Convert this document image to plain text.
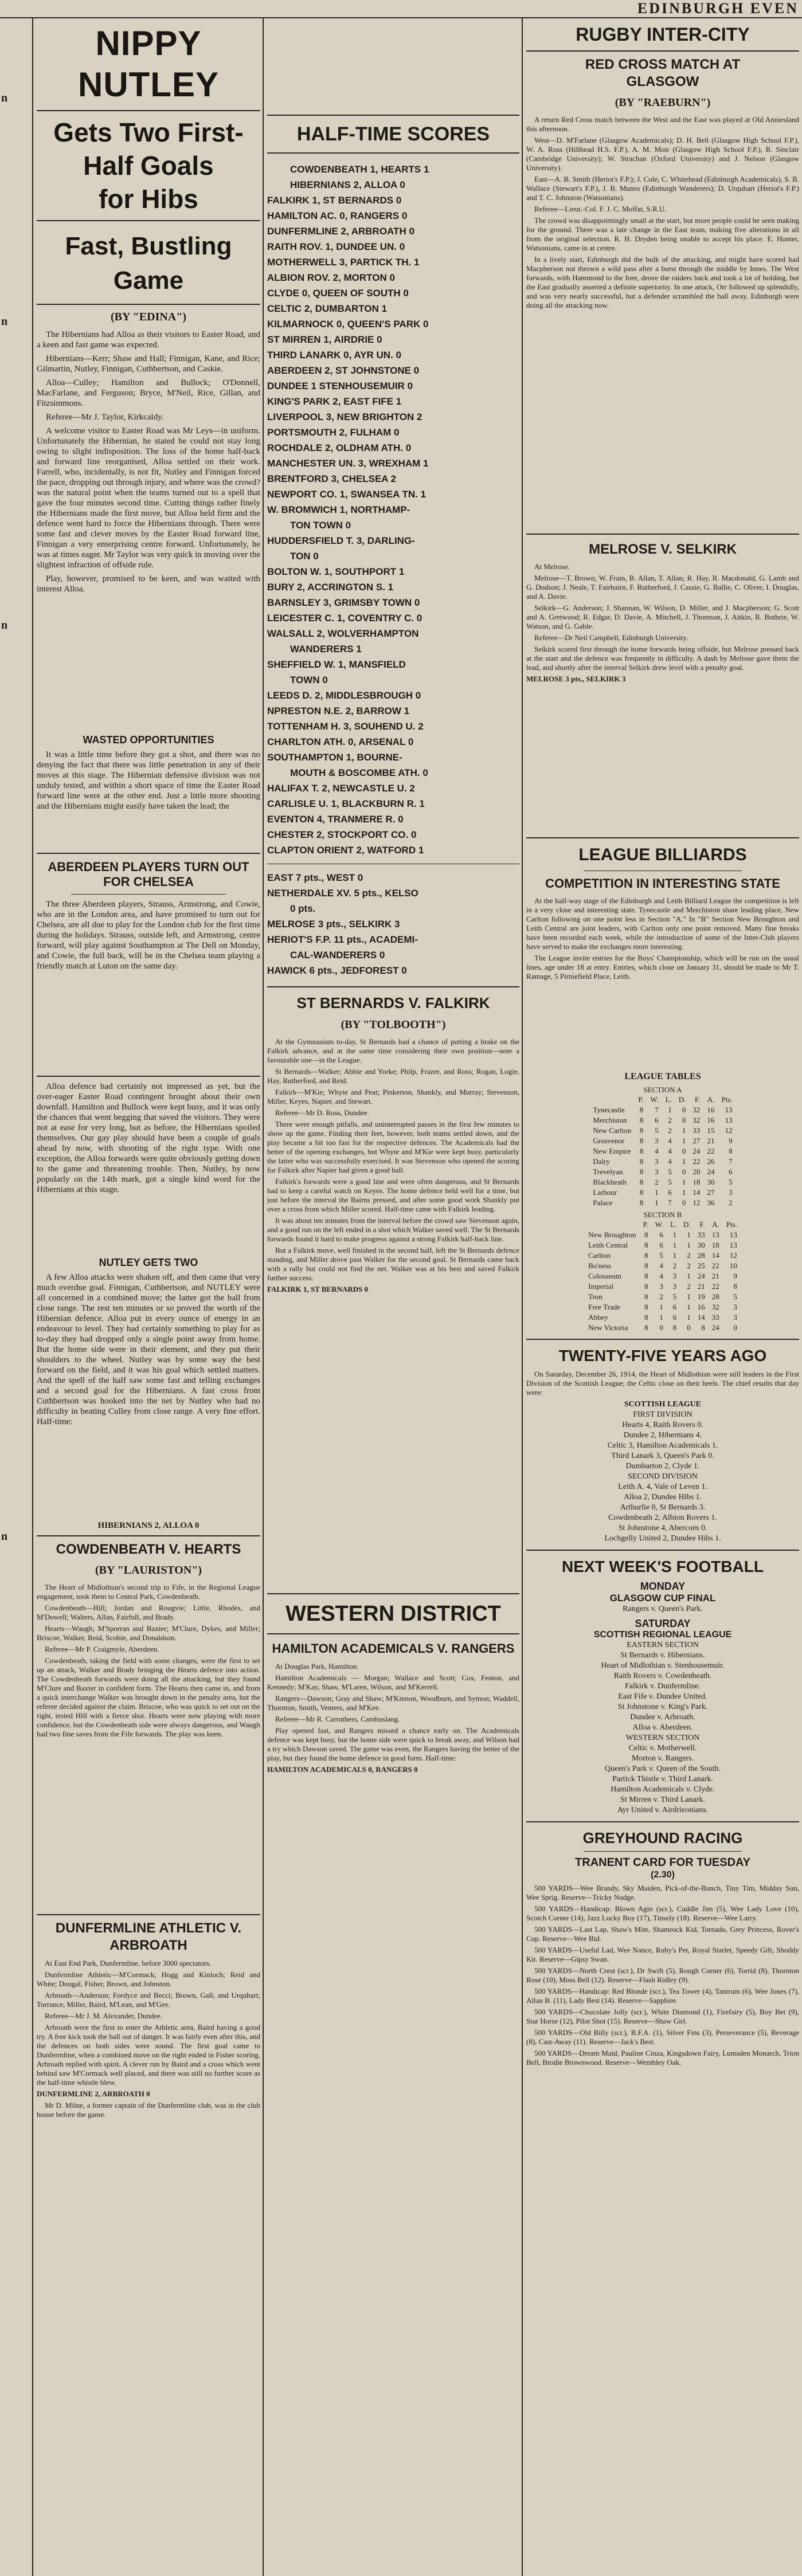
EDINBURGH EVEN
n
n
n
n
NIPPY NUTLEY
Gets Two First-Half Goals
for Hibs
Fast, Bustling Game
(BY "EDINA")

The Hibernians had Alloa as their visitors to Easter Road, and a keen and fast game was expected.

Hibernians—Kerr; Shaw and Hall; Finnigan, Kane, and Rice; Gilmartin, Nutley, Finnigan, Cuthbertson, and Caskie.

Alloa—Culley; Hamilton and Bullock; O'Donnell, MacFarlane, and Ferguson; Bryce, M'Neil, Rice, Gillan, and Fitzsimmons.

Referee—Mr J. Taylor, Kirkcaldy.

A welcome visitor to Easter Road was Mr Leys—in uniform. Unfortunately the Hibernian, he stated he could not stay long owing to slight indisposition. The loss of the home half-back and forward line reorganised, Alloa settled on their work. Farrell, who, incidentally, is not fit, Nutley and Finnigan forced the pace, dropping out through injury, and where was the crowd? was the natural point when the teams turned out to a spell that gave the four minutes second time. Cutting things rather finely the Hibernians made the first move, but Alloa held firm and the defence went hard to force the Hibernians through. There were some fast and clever moves by the Easter Road forward line, Finnigan a very enterprising centre forward. Unfortunately, he was at times eager. Mr Taylor was very quick in moving over the slightest infraction of offside rule.

Play, however, promised to be keen, and was waited with interest Alloa.

WASTED OPPORTUNITIES

It was a little time before they got a shot, and there was no denying the fact that there was little penetration in any of their moves at this stage. The Hibernian defensive division was not unduly tested, and within a short space of time the Easter Road forward line were at the other end. Just a little more shooting and the Hibernians might easily have taken the lead; the

ABERDEEN PLAYERS TURN OUT FOR CHELSEA

The three Aberdeen players, Strauss, Armstrong, and Cowie, who are in the London area, and have promised to turn out for Chelsea, are all due to play for the London club for the first time during the holidays. Strauss, outside left, and Armstrong, centre forward, will play against Southampton at The Dell on Monday, and Cowie, the full back, will be in the Chelsea team playing a friendly match at Luton on the same day.

Alloa defence had certainly not impressed as yet, but the over-eager Easter Road contingent brought about their own downfall. Hamilton and Bullock were kept busy, and it was only the chances that went begging that saved the visitors. They were not at ease for very long, but as before, the Hibernians spoiled themselves. Our gay play should have been a couple of goals ahead by now, with shooting of the right type. With one exception, the Alloa forwards were quite obviously getting down to the game and threatening trouble. Then, Nutley, by now popularly on the 14th mark, got a single kind word for the Hibernians at this stage.

NUTLEY GETS TWO

A few Alloa attacks were shaken off, and then came that very much overdue goal. Finnigan, Cuthbertson, and NUTLEY were all concerned in a combined move; the latter got the ball from close range. The rest ten minutes or so proved the worth of the Hibernian defence. Alloa put in every ounce of energy in an endeavour to level. They had certainly something to play for as to-day they had dropped only a single point away from home. But the home side were in their element, and they put their shoulders to the wheel. Nutley was by some way the best forward on the field, and it was his goal which settled matters. And the spell of the half saw some fast and telling exchanges and a second goal for the Hibernians. A fast cross from Cuthbertson was hooked into the net by Nutley who had no difficulty in beating Culley from close range. A very fine effort. Half-time:

HIBERNIANS 2, ALLOA 0
COWDENBEATH V. HEARTS
(BY "LAURISTON")

The Heart of Midlothian's second trip to Fife, in the Regional League engagement, took them to Central Park, Cowdenbeath.

Cowdenbeath—Hill; Jordan and Rougvie; Little, Rhodes, and M'Dowell; Walters, Allan, Fairfull, and Brady.

Hearts—Waugh; M'Sporran and Baxter; M'Clure, Dykes, and Miller; Briscoe, Walker, Reid, Scobie, and Donaldson.

Referee—Mr P. Craigmyle, Aberdeen.

Cowdenbeath, taking the field with some changes, were the first to set up an attack, Walker and Brady bringing the Hearts defence into action. The Cowdenbeath forwards were doing all the attacking, but they found M'Clure and Baxter in confident form. The Hearts then came in, and from a quick interchange Walker was brought down in the penalty area, but the referee decided against the claim. Briscoe, who was quick to set out on the right, tested Hill with a fierce shot. Hearts were now playing with more confidence, but the Cowdenbeath side were always dangerous, and Waugh had two fine saves from the Fife forwards. The play was keen.

DUNFERMLINE ATHLETIC V. ARBROATH

At East End Park, Dunfermline, before 3000 spectators.

Dunfermline Athletic—M'Cormack; Hogg and Kinloch; Reid and White; Dougal, Fisher, Brown, and Johnston.

Arbroath—Anderson; Fordyce and Becci; Brown, Gall, and Urquhart; Torrance, Miller, Baird, M'Lean, and M'Gee.

Referee—Mr J. M. Alexander, Dundee.

Arbroath were the first to enter the Athletic area, Baird having a good try. A free kick took the ball out of danger. It was fairly even after this, and the defences on both sides were sound. The first goal came to Dunfermline, when a combined move on the right ended in Fisher scoring. Arbroath replied with spirit. A clever run by Baird and a cross which went behind saw M'Cormack well placed, and there was still no further score as the half-time whistle blew.

DUNFERMLINE 2, ARBROATH 0

Mr D. Milne, a former captain of the Dunfermline club, was in the club house before the game.

HALF-TIME SCORES
COWDENBEATH 1, HEARTS 1
HIBERNIANS 2, ALLOA 0
FALKIRK 1, ST BERNARDS 0
HAMILTON AC. 0, RANGERS 0
DUNFERMLINE 2, ARBROATH 0
RAITH ROV. 1, DUNDEE UN. 0
MOTHERWELL 3, PARTICK TH. 1
ALBION ROV. 2, MORTON 0
CLYDE 0, QUEEN OF SOUTH 0
CELTIC 2, DUMBARTON 1
KILMARNOCK 0, QUEEN'S PARK 0
ST MIRREN 1, AIRDRIE 0
THIRD LANARK 0, AYR UN. 0
ABERDEEN 2, ST JOHNSTONE 0
DUNDEE 1 STENHOUSEMUIR 0
KING'S PARK 2, EAST FIFE 1
LIVERPOOL 3, NEW BRIGHTON 2
PORTSMOUTH 2, FULHAM 0
ROCHDALE 2, OLDHAM ATH. 0
MANCHESTER UN. 3, WREXHAM 1
BRENTFORD 3, CHELSEA 2
NEWPORT CO. 1, SWANSEA TN. 1
W. BROMWICH 1, NORTHAMP-
TON TOWN 0
HUDDERSFIELD T. 3, DARLING-
TON 0
BOLTON W. 1, SOUTHPORT 1
BURY 2, ACCRINGTON S. 1
BARNSLEY 3, GRIMSBY TOWN 0
LEICESTER C. 1, COVENTRY C. 0
WALSALL 2, WOLVERHAMPTON
WANDERERS 1
SHEFFIELD W. 1, MANSFIELD
TOWN 0
LEEDS D. 2, MIDDLESBROUGH 0
NPRESTON N.E. 2, BARROW 1
TOTTENHAM H. 3, SOUHEND U. 2
CHARLTON ATH. 0, ARSENAL 0
SOUTHAMPTON 1, BOURNE-
MOUTH & BOSCOMBE ATH. 0
HALIFAX T. 2, NEWCASTLE U. 2
CARLISLE U. 1, BLACKBURN R. 1
EVENTON 4, TRANMERE R. 0
CHESTER 2, STOCKPORT CO. 0
CLAPTON ORIENT 2, WATFORD 1
EAST 7 pts., WEST 0
NETHERDALE XV. 5 pts., KELSO
0 pts.
MELROSE 3 pts., SELKIRK 3
HERIOT'S F.P. 11 pts., ACADEMI-
CAL-WANDERERS 0
HAWICK 6 pts., JEDFOREST 0
ST BERNARDS V. FALKIRK
(BY "TOLBOOTH")

At the Gymnasium to-day, St Bernards had a chance of putting a brake on the Falkirk advance, and at the same time considering their own position—note a favourable one—in the League.

St Bernards—Walker; Abbie and Yorke; Philp, Frazer, and Ross; Rogan, Logie, Hay, Rutherford, and Reid.

Falkirk—M'Kie; Whyte and Peat; Pinkerton, Shankly, and Murray; Stevenson, Miller, Keyes, Napier, and Stewart.

Referee—Mr D. Ross, Dundee.

There were enough pitfalls, and uninterrupted passes in the first few minutes to show up the game. Finding their feet, however, both teams settled down, and the play became a bit too fast for the respective defences. The Academicals had the better of the opening exchanges, but Whyte and M'Kie were kept busy, particularly the latter who was successfully exercised. It was Stevenson who opened the scoring for Falkirk after Napier had given a good ball.

Falkirk's forwards were a good line and were often dangerous, and St Bernards had to keep a careful watch on Keyes. The home defence held well for a time, but just before the interval the Bairns pressed, and after some good work Shankly put over a cross from which Miller scored. Half-time came with Falkirk leading.

It was about ten minutes from the interval before the crowd saw Stevenson again, and a good run on the left ended in a shot which Walker saved well. The St Bernards forwards found it hard to make progress against a strong Falkirk half-back line.

But a Falkirk move, well finished in the second half, left the St Bernards defence standing, and Miller drove past Walker for the second goal. St Bernards came back with a rally but could not find the net. Walker was at his best and saved Falkirk further success.

FALKIRK 1, ST BERNARDS 0

WESTERN DISTRICT
HAMILTON ACADEMICALS V. RANGERS

At Douglas Park, Hamilton.

Hamilton Academicals — Morgan; Wallace and Scott; Cox, Fenton, and Kennedy; M'Kay, Shaw, M'Laren, Wilson, and M'Kerrell.

Rangers—Dawson; Gray and Shaw; M'Kinnon, Woodburn, and Symon; Waddell, Thornton, Smith, Venters, and M'Kee.

Referee—Mr R. Carruthers, Cambuslang.

Play opened fast, and Rangers missed a chance early on. The Academicals defence was kept busy, but the home side were quick to break away, and Wilson had a try which Dawson saved. The game was even, the Rangers having the better of the play, but they found the home defence in good form. Half-time:

HAMILTON ACADEMICALS 0, RANGERS 0

RUGBY INTER-CITY
RED CROSS MATCH AT
GLASGOW
(BY "RAEBURN")

A return Red Cross match between the West and the East was played at Old Anniesland this afternoon.

West—D. M'Farlane (Glasgow Academicals); D. H. Bell (Glasgow High School F.P.), W. A. Ross (Hillhead H.S. F.P.), A. M. Moir (Glasgow High School F.P.), R. Sinclair (Cambridge University); W. Strachan (Oxford University) and J. Nelson (Glasgow University).

East—A. B. Smith (Heriot's F.P.); J. Cole, C. Whitehead (Edinburgh Academicals), S. B. Wallace (Stewart's F.P.), J. B. Munro (Edinburgh Wanderers); D. Urquhart (Heriot's F.P.) and T. C. Johnston (Watsonians).

Referee—Lieut.-Col. F. J. C. Moffat, S.R.U.

The crowd was disappointingly small at the start, but more people could be seen making for the ground. There was a late change in the East team, making five alterations in all from the original selection. R. H. Dryden being unable to accept his place. E. Hunter, Watsonians, came in at centre.

In a lively start, Edinburgh did the bulk of the attacking, and might have scored had Macpherson not thrown a wild pass after a burst through the middle by Innes. The West forwards, with Hammond to the fore, drove the raiders back and took a lot of holding, but the East gradually asserted a definite superiority. In one attack, Orr followed up splendidly, and was very nearly successful, but a defender scrambled the ball away. Edinburgh were doing all the attacking now.

MELROSE V. SELKIRK

At Melrose.

Melrose—T. Brown; W. Frain, B. Allan, T. Allan; R. Hay, R. Macdonald, G. Lamb and G. Dodson; J. Neale, T. Fairbairn, F. Rutherford, J. Cassie, G. Ballie, C. Oliver, I. Douglas, and A. Davie.

Selkirk—G. Anderson; J. Shannan, W. Wilson, D. Miller, and J. Macpherson; G. Scott and A. Gretwood; R. Edgar, D. Davie, A. Mitchell, J. Thomson, J. Aitkin, R. Buthrie, W. Watson, and G. Gable.

Referee—Dr Neil Campbell, Edinburgh University.

Selkirk scored first through the home forwards being offside, but Melrose pressed back at the start and the defence was frequently in difficulty. A dash by Melrose gave them the lead, and shortly after the interval Selkirk drew level with a penalty goal.

MELROSE 3 pts., SELKIRK 3

LEAGUE BILLIARDS
COMPETITION IN INTERESTING STATE

At the half-way stage of the Edinburgh and Leith Billiard League the competition is left in a very close and interesting state. Tynecastle and Merchiston share leading place, New Carlton following on one point less in Section "A." In "B" Section New Broughton and Leith Central are joint leaders, with Carlton only one point removed. Many fine breaks have been recorded each week, while the introduction of some of the Inter-Club players have served to make the exchanges more interesting.

The League invite entries for the Boys' Championship, which will be run on the usual lines, age under 18 at entry. Entries, which close on January 31, should be made to Mr T. Ramage, 5 Pirniefield Place, Leith.

LEAGUE TABLES
SECTION A
	P.	W.	L.	D.	F.	A.	Pts.
Tynecastle	8	7	1	0	32	16	13
Merchiston	8	6	2	0	32	16	13
New Carlton	8	5	2	1	33	15	12
Grosvenor	8	3	4	1	27	21	9
New Empire	8	4	4	0	24	22	8
Dalry	8	3	4	1	22	26	7
Trevelyan	8	3	5	0	20	24	6
Blackheath	8	2	5	1	18	30	5
Larbour	8	1	6	1	14	27	3
Palace	8	1	7	0	12	36	2
SECTION B
	P.	W.	L.	D.	F.	A.	Pts.
New Broughton	8	6	1	1	33	13	13
Leith Central	8	6	1	1	30	18	13
Carlton	8	5	1	2	28	14	12
Bo'ness	8	4	2	2	25	22	10
Colosseum	8	4	3	1	24	21	9
Imperial	8	3	3	2	21	22	8
Tron	8	2	5	1	19	28	5
Free Trade	8	1	6	1	16	32	3
Abbey	8	1	6	1	14	33	3
New Victoria	8	0	8	0	8	24	0
TWENTY-FIVE YEARS AGO

On Saturday, December 26, 1914, the Heart of Midlothian were still leaders in the First Division of the Scottish League; the Celtic close on their heels. The chief results that day were:

SCOTTISH LEAGUE
FIRST DIVISION
Hearts 4, Raith Rovers 0.
Dundee 2, Hibernians 4.
Celtic 3, Hamilton Academicals 1.
Third Lanark 3, Queen's Park 0.
Dumbarton 2, Clyde 1.
SECOND DIVISION
Leith A. 4, Vale of Leven 1.
Alloa 2, Dundee Hibs 1.
Arthurlie 0, St Bernards 3.
Cowdenbeath 2, Albion Rovers 1.
St Johnstone 4, Abercorn 0.
Lochgelly United 2, Dundee Hibs 1.
NEXT WEEK'S FOOTBALL
MONDAY
GLASGOW CUP FINAL
Rangers v. Queen's Park.
SATURDAY
SCOTTISH REGIONAL LEAGUE
EASTERN SECTION
St Bernards v. Hibernians.
Heart of Midlothian v. Stenhousemuir.
Raith Rovers v. Cowdenbeath.
Falkirk v. Dunfermline.
East Fife v. Dundee United.
St Johnstone v. King's Park.
Dundee v. Arbroath.
Alloa v. Aberdeen.
WESTERN SECTION
Celtic v. Motherwell.
Morton v. Rangers.
Queen's Park v. Queen of the South.
Partick Thistle v. Third Lanark.
Hamilton Academicals v. Clyde.
St Mirren v. Third Lanark.
Ayr United v. Airdrieonians.
GREYHOUND RACING
TRANENT CARD FOR TUESDAY
(2.30)

500 YARDS—Wee Brandy, Sky Maiden, Pick-of-the-Bunch, Tiny Tim, Midday Sun, Wee Sprig. Reserve—Tricky Nudge.

500 YARDS—Handicap: Blown Agin (scr.), Cuddle Jim (5), Wee Lady Love (10), Scotch Corner (14), Jazz Lucky Boy (17), Tinsely (18). Reserve—Wee Larry.

500 YARDS—Last Lap, Shaw's Mite, Shamrock Kid, Tornado, Grey Princess, Rover's Cup. Reserve—Wee Bid.

500 YARDS—Useful Lad, Wee Nance, Ruby's Pet, Royal Starlet, Speedy Gift, Shoddy Kit. Reserve—Gipsy Swan.

500 YARDS—North Crest (scr.), Dr Swift (5), Rough Corner (6), Torrid (8), Thornton Rose (10), Moss Bell (12). Reserve—Flash Ridley (9).

500 YARDS—Handicap: Red Blonde (scr.), Tea Tower (4), Tantrum (6), Wee Jones (7), Allan B. (11), Lady Best (14). Reserve—Sapphire.

500 YARDS—Chocolate Jolly (scr.), White Diamond (1), Firefairy (5), Boy Bet (9), Star Horse (12), Pilot Shot (15). Reserve—Shaw Girl.

500 YARDS—Old Billy (scr.), B.F.A. (1), Silver Fins (3), Perseverance (5), Beverage (8), Cast-Away (11). Reserve—Jack's Best.

500 YARDS—Dream Maid, Pauline Cinza, Kingsdown Fairy, Lumsden Monarch, Trion Bell, Brodie Brownwood. Reserve—Wembley Oak.
